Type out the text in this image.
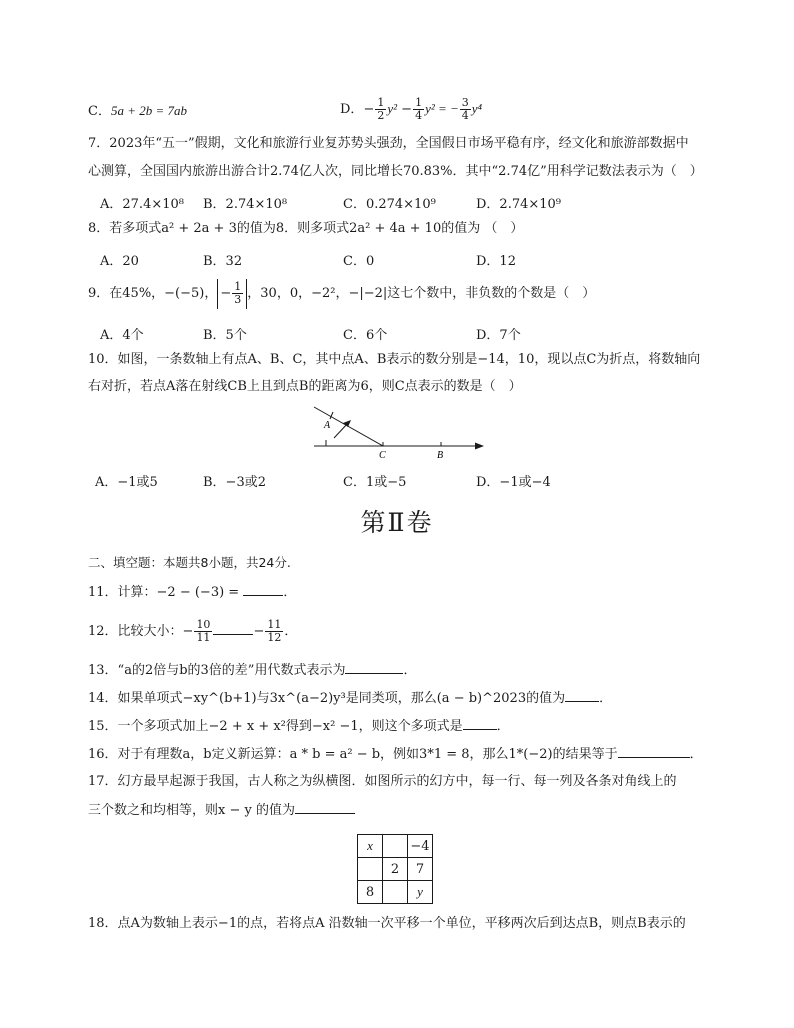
C．5a + 2b = 7ab	D．− $\frac{1}{2} y^2 - \frac{1}{4} y^2$ = − $\frac{3}{4} y^4$
7．2023年“五一”假期，文化和旅游行业复苏势头强劲，全国假日市场平稳有序，经文化和旅游部数据中
心测算，全国国内旅游出游合计2.74亿人次，同比增长70.83%．其中“2.74亿”用科学记数法表示为（　）
A．27.4×10⁸ B．2.74×10⁸	C．0.274×10⁹	D．2.74×10⁹
8．若多项式a² + 2a + 3的值为8．则多项式2a² + 4a + 10的值为 （　）
A．20	B．32	C．0	D．12
9．在45%，−(−5)， − $\frac{1}{3}$ ，30，0，−2²，−|−2|这七个数中，非负数的个数是（　）
A．4个	B．5个	C．6个	D．7个
10．如图，一条数轴上有点A、B、C，其中点A、B表示的数分别是−14，10，现以点C为折点，将数轴向
右对折，若点A落在射线CB上且到点B的距离为6，则C点表示的数是（　）
A
C	B
A．−1或5	B．−3或2	C．1或−5	D．−1或−4
第Ⅱ卷
二、填空题：本题共8小题，共24分.
11．计算：−2 − (−3) =	．
12．比较大小：− $\frac{10}{11}$	− $\frac{11}{12}$ ．
13．“a的2倍与b的3倍的差”用代数式表示为	．
14．如果单项式−xy^(b+1)与3x^(a−2)y³是同类项，那么(a − b)^2023的值为	．
15．一个多项式加上−2 + x + x²得到−x² −1，则这个多项式是	．
16．对于有理数a，b定义新运算：a * b = a² − b，例如3*1 = 8，那么1*(−2)的结果等于	．
17．幻方最早起源于我国，古人称之为纵横图．如图所示的幻方中，每一行、每一列及各条对角线上的
三个数之和均相等，则x − y 的值为
x		−4
	2	7
8		y
18．点A为数轴上表示−1的点，若将点A 沿数轴一次平移一个单位，平移两次后到达点B，则点B表示的
